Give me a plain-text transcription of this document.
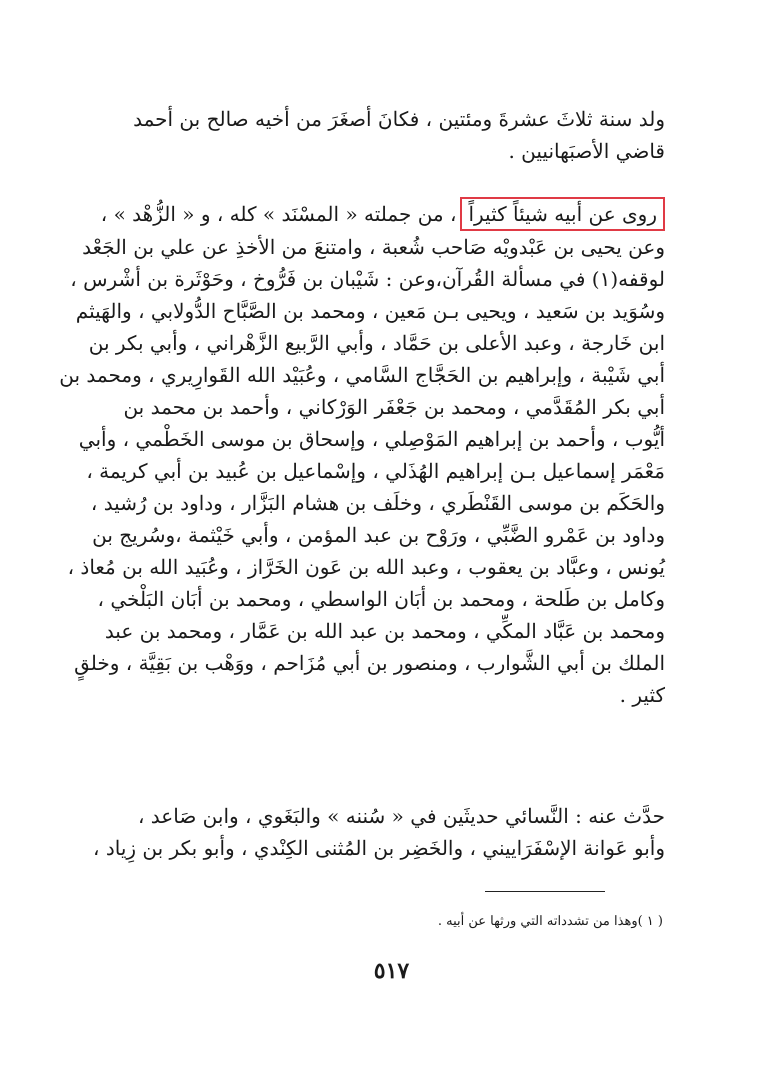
ولد سنة ثلاثَ عشرةَ ومئتين ، فكانَ أصغَرَ من أخيه صالح بن أحمد
قاضي الأصبَهانيين .
روى عن أبيه شيئاً كثيراً، من جملته « المسْنَد » كله ، و « الزُّهْد » ،
وعن يحيى بن عَبْدويْه صَاحب شُعبة ، وامتنعَ من الأخذِ عن علي بن الجَعْد
لوقفه(١) في مسألة القُرآن،وعن : شَيْبان بن فَرُّوخ ، وحَوْثَرة بن أشْرس ،
وسُوَيد بن سَعيد ، ويحيى بـن مَعين ، ومحمد بن الصَّبَّاح الدُّولابي ، والهَيثم
ابن خَارجة ، وعبد الأعلى بن حَمَّاد ، وأبي الرَّبيع الزَّهْراني ، وأبي بكر بن
أبي شَيْبة ، وإبراهيم بن الحَجَّاج السَّامي ، وعُبَيْد الله القَوارِيري ، ومحمد بن
أبي بكر المُقَدَّمي ، ومحمد بن جَعْفَر الوَرْكاني ، وأحمد بن محمد بن
أيُّوب ، وأحمد بن إبراهيم المَوْصِلي ، وإسحاق بن موسى الخَطْمي ، وأبي
مَعْمَر إسماعيل بـن إبراهيم الهُذَلي ، وإسْماعيل بن عُبيد بن أبي كريمة ،
والحَكَم بن موسى القَنْطَري ، وخلَف بن هشام البَزَّار ، وداود بن رُشيد ،
وداود بن عَمْرو الضَّبِّي ، ورَوْح بن عبد المؤمن ، وأبي خَيْثمة ،وسُريج بن
يُونس ، وعبَّاد بن يعقوب ، وعبد الله بن عَون الخَرَّاز ، وعُبَيد الله بن مُعاذ ،
وكامل بن طَلحة ، ومحمد بن أبَان الواسطي ، ومحمد بن أبَان البَلْخي ،
ومحمد بن عَبَّاد المكِّي ، ومحمد بن عبد الله بن عَمَّار ، ومحمد بن عبد
الملك بن أبي الشَّوارب ، ومنصور بن أبي مُزَاحم ، ووَهْب بن بَقِيَّة ، وخلقٍ
كثير .
حدَّث عنه : النَّسائي حديثَين في « سُننه » والبَغَوي ، وابن صَاعد ،
وأبو عَوانة الإسْفَرَاييني ، والخَضِر بن المُثنى الكِنْدي ، وأبو بكر بن زِياد ،
( ١ )وهذا من تشدداته التي ورثها عن أبيه .
٥١٧
